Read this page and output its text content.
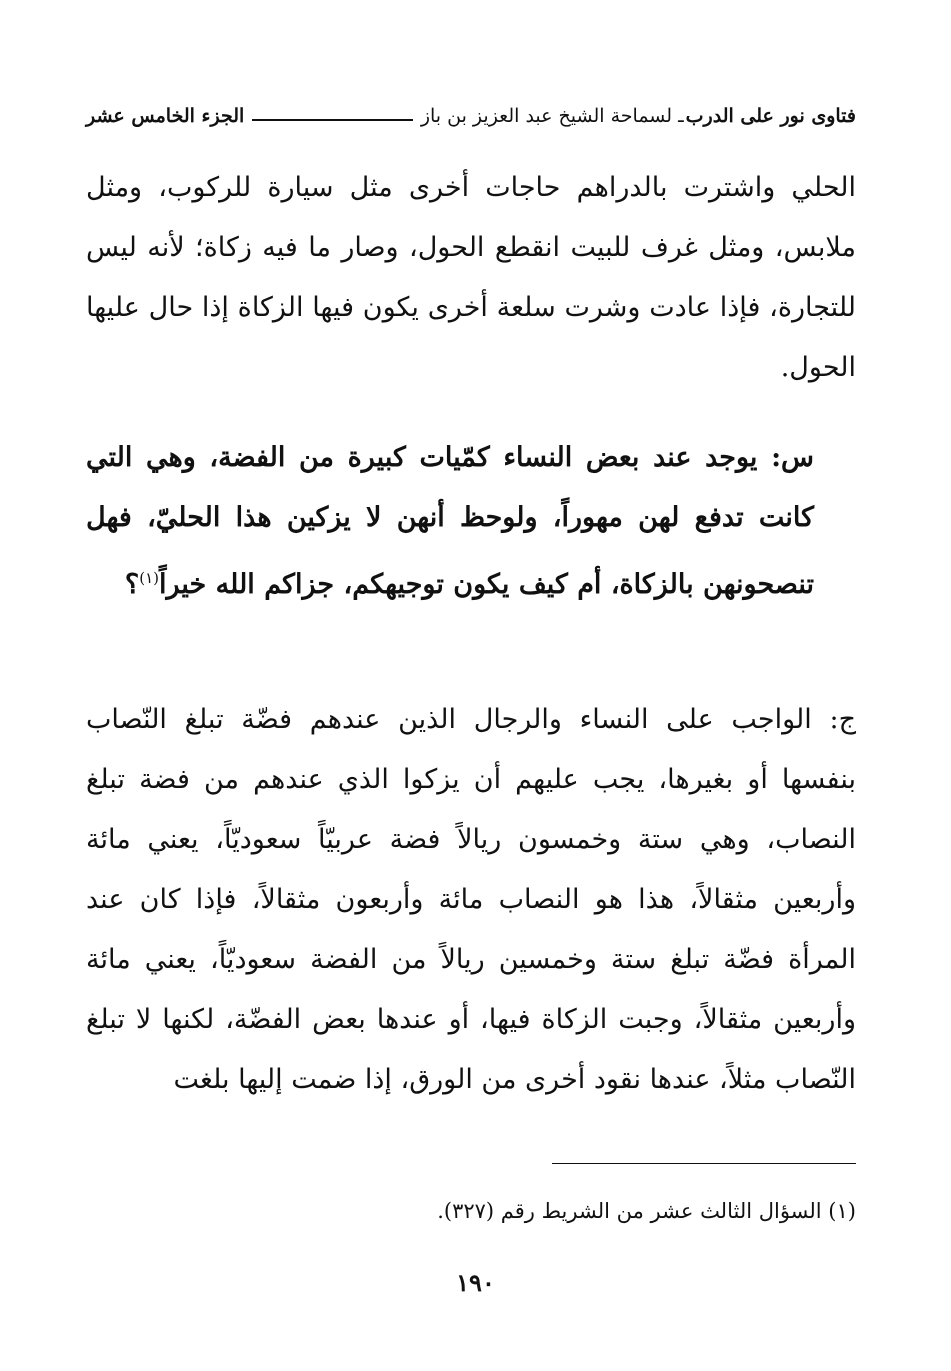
فتاوى نور على الدرب
ـ لسماحة الشيخ عبد العزيز بن باز
الجزء الخامس عشر
الحلي واشترت بالدراهم حاجات أخرى مثل سيارة للركوب، ومثل ملابس، ومثل غرف للبيت انقطع الحول، وصار ما فيه زكاة؛ لأنه ليس للتجارة، فإذا عادت وشرت سلعة أخرى يكون فيها الزكاة إذا حال عليها الحول.
س: يوجد عند بعض النساء كمّيات كبيرة من الفضة، وهي التي كانت تدفع لهن مهوراً، ولوحظ أنهن لا يزكين هذا الحليّ، فهل تنصحونهن بالزكاة، أم كيف يكون توجيهكم، جزاكم الله خيراً$^{(١)}$؟
ج: الواجب على النساء والرجال الذين عندهم فضّة تبلغ النّصاب بنفسها أو بغيرها، يجب عليهم أن يزكوا الذي عندهم من فضة تبلغ النصاب، وهي ستة وخمسون ريالاً فضة عربيّاً سعوديّاً، يعني مائة وأربعين مثقالاً، هذا هو النصاب مائة وأربعون مثقالاً، فإذا كان عند المرأة فضّة تبلغ ستة وخمسين ريالاً من الفضة سعوديّاً، يعني مائة وأربعين مثقالاً، وجبت الزكاة فيها، أو عندها بعض الفضّة، لكنها لا تبلغ النّصاب مثلاً، عندها نقود أخرى من الورق، إذا ضمت إليها بلغت
(١) السؤال الثالث عشر من الشريط رقم (٣٢٧).
١٩٠
